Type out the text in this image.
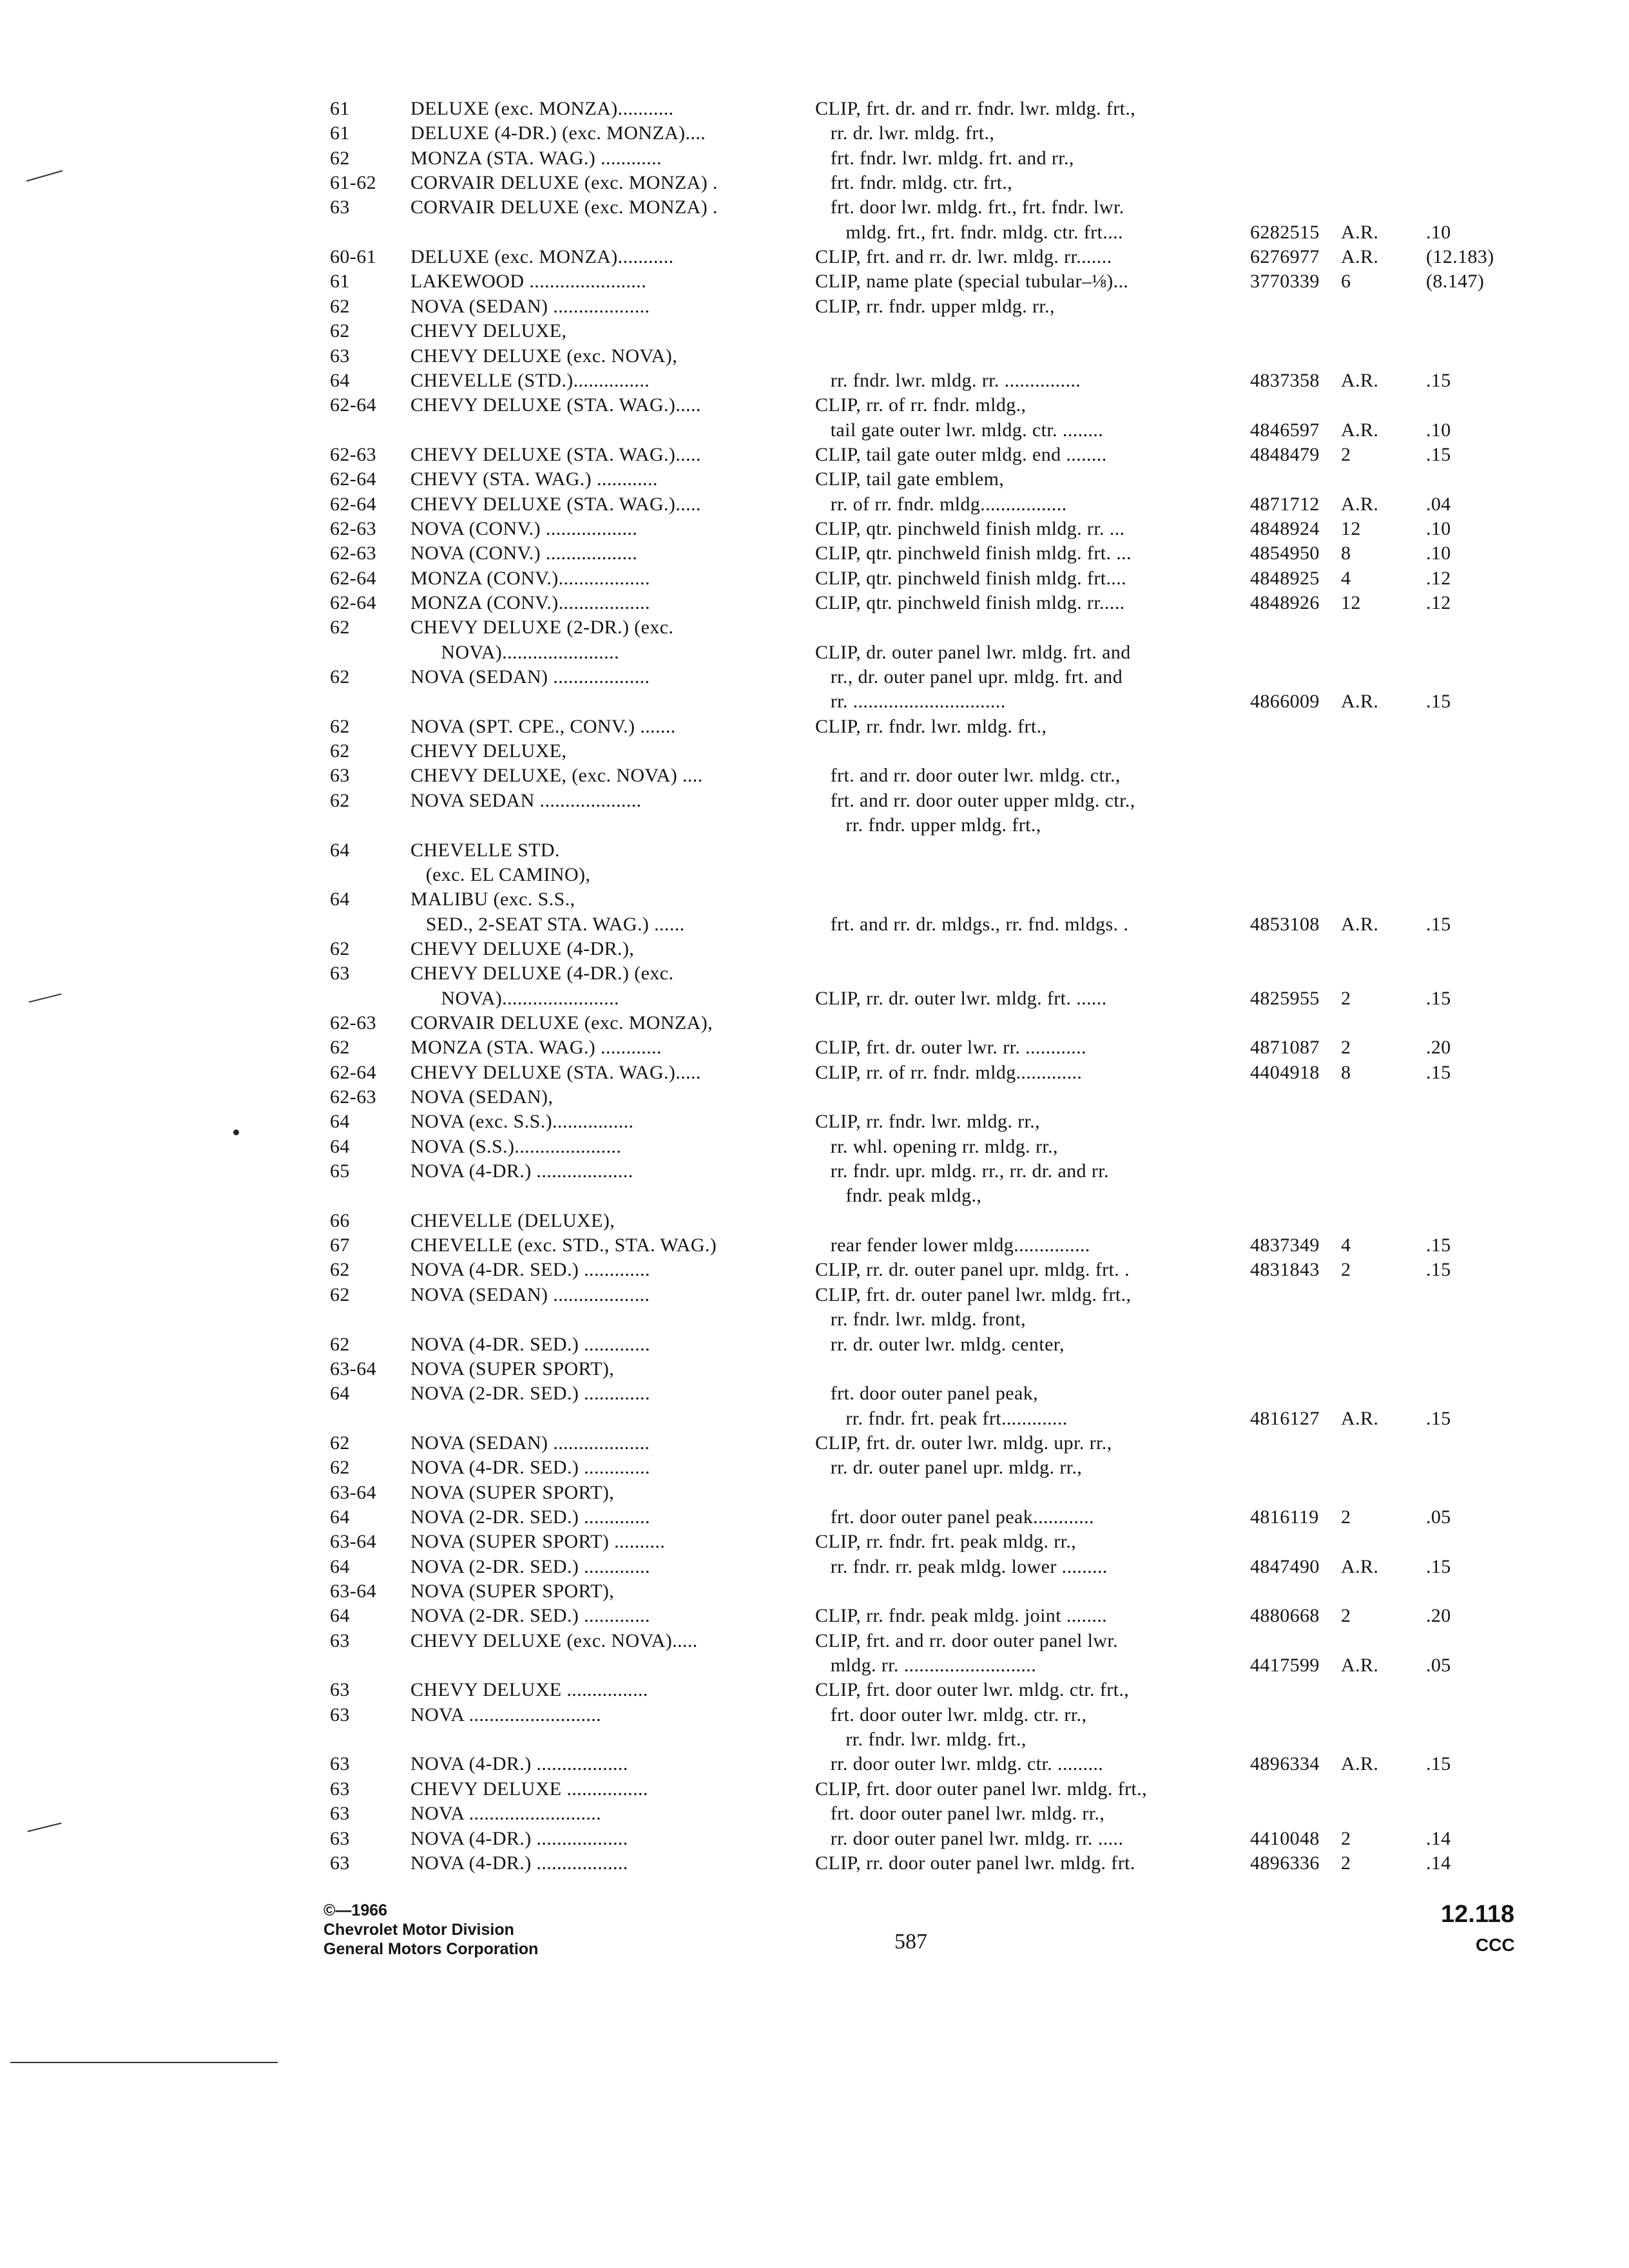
61	DELUXE (exc. MONZA)...........	CLIP, frt. dr. and rr. fndr. lwr. mldg. frt.,
61	DELUXE (4-DR.) (exc. MONZA)....	rr. dr. lwr. mldg. frt.,
62	MONZA (STA. WAG.) ............	frt. fndr. lwr. mldg. frt. and rr.,
61-62 CORVAIR DELUXE (exc. MONZA) .	frt. fndr. mldg. ctr. frt.,
63	CORVAIR DELUXE (exc. MONZA) .	frt. door lwr. mldg. frt., frt. fndr. lwr.
mldg. frt., frt. fndr. mldg. ctr. frt....	6282515 A.R. .10
60-61 DELUXE (exc. MONZA)...........	CLIP, frt. and rr. dr. lwr. mldg. rr.......	6276977 A.R. (12.183)
61	LAKEWOOD .......................	CLIP, name plate (special tubular–⅛)...	3770339 6	(8.147)
62	NOVA (SEDAN) ...................	CLIP, rr. fndr. upper mldg. rr.,
62	CHEVY DELUXE,
63	CHEVY DELUXE (exc. NOVA),
64	CHEVELLE (STD.)...............	rr. fndr. lwr. mldg. rr. ...............	4837358 A.R. .15
62-64 CHEVY DELUXE (STA. WAG.).....	CLIP, rr. of rr. fndr. mldg.,
tail gate outer lwr. mldg. ctr. ........	4846597 A.R. .10
62-63 CHEVY DELUXE (STA. WAG.).....	CLIP, tail gate outer mldg. end ........	4848479 2	.15
62-64 CHEVY (STA. WAG.) ............	CLIP, tail gate emblem,
62-64 CHEVY DELUXE (STA. WAG.).....	rr. of rr. fndr. mldg.................	4871712 A.R. .04
62-63 NOVA (CONV.) ..................	CLIP, qtr. pinchweld finish mldg. rr. ...	4848924 12	.10
62-63 NOVA (CONV.) ..................	CLIP, qtr. pinchweld finish mldg. frt. ...	4854950 8	.10
62-64 MONZA (CONV.)..................	CLIP, qtr. pinchweld finish mldg. frt....	4848925 4	.12
62-64 MONZA (CONV.)..................	CLIP, qtr. pinchweld finish mldg. rr.....	4848926 12	.12
62	CHEVY DELUXE (2-DR.) (exc.
NOVA).......................	CLIP, dr. outer panel lwr. mldg. frt. and
62	NOVA (SEDAN) ...................	rr., dr. outer panel upr. mldg. frt. and
rr. ..............................	4866009 A.R. .15
62	NOVA (SPT. CPE., CONV.) .......	CLIP, rr. fndr. lwr. mldg. frt.,
62	CHEVY DELUXE,
63	CHEVY DELUXE, (exc. NOVA) ....	frt. and rr. door outer lwr. mldg. ctr.,
62	NOVA SEDAN ....................	frt. and rr. door outer upper mldg. ctr.,
rr. fndr. upper mldg. frt.,
64	CHEVELLE STD.
(exc. EL CAMINO),
64	MALIBU (exc. S.S.,
SED., 2-SEAT STA. WAG.) ......	frt. and rr. dr. mldgs., rr. fnd. mldgs. .	4853108 A.R. .15
62	CHEVY DELUXE (4-DR.),
63	CHEVY DELUXE (4-DR.) (exc.
NOVA).......................	CLIP, rr. dr. outer lwr. mldg. frt. ......	4825955 2	.15
62-63 CORVAIR DELUXE (exc. MONZA),
62	MONZA (STA. WAG.) ............	CLIP, frt. dr. outer lwr. rr. ............	4871087 2	.20
62-64 CHEVY DELUXE (STA. WAG.).....	CLIP, rr. of rr. fndr. mldg.............	4404918 8	.15
62-63 NOVA (SEDAN),
64	NOVA (exc. S.S.)................	CLIP, rr. fndr. lwr. mldg. rr.,
64	NOVA (S.S.).....................	rr. whl. opening rr. mldg. rr.,
65	NOVA (4-DR.) ...................	rr. fndr. upr. mldg. rr., rr. dr. and rr.
fndr. peak mldg.,
66	CHEVELLE (DELUXE),
67	CHEVELLE (exc. STD., STA. WAG.)	rear fender lower mldg...............	4837349 4	.15
62	NOVA (4-DR. SED.) .............	CLIP, rr. dr. outer panel upr. mldg. frt. .	4831843 2	.15
62	NOVA (SEDAN) ...................	CLIP, frt. dr. outer panel lwr. mldg. frt.,
rr. fndr. lwr. mldg. front,
62	NOVA (4-DR. SED.) .............	rr. dr. outer lwr. mldg. center,
63-64 NOVA (SUPER SPORT),
64	NOVA (2-DR. SED.) .............	frt. door outer panel peak,
rr. fndr. frt. peak frt.............	4816127 A.R. .15
62	NOVA (SEDAN) ...................	CLIP, frt. dr. outer lwr. mldg. upr. rr.,
62	NOVA (4-DR. SED.) .............	rr. dr. outer panel upr. mldg. rr.,
63-64 NOVA (SUPER SPORT),
64	NOVA (2-DR. SED.) .............	frt. door outer panel peak............	4816119 2	.05
63-64 NOVA (SUPER SPORT) ..........	CLIP, rr. fndr. frt. peak mldg. rr.,
64	NOVA (2-DR. SED.) .............	rr. fndr. rr. peak mldg. lower .........	4847490 A.R. .15
63-64 NOVA (SUPER SPORT),
64	NOVA (2-DR. SED.) .............	CLIP, rr. fndr. peak mldg. joint ........	4880668 2	.20
63	CHEVY DELUXE (exc. NOVA).....	CLIP, frt. and rr. door outer panel lwr.
mldg. rr. ..........................	4417599 A.R. .05
63	CHEVY DELUXE ................	CLIP, frt. door outer lwr. mldg. ctr. frt.,
63	NOVA ..........................	frt. door outer lwr. mldg. ctr. rr.,
rr. fndr. lwr. mldg. frt.,
63	NOVA (4-DR.) ..................	rr. door outer lwr. mldg. ctr. .........	4896334 A.R. .15
63	CHEVY DELUXE ................	CLIP, frt. door outer panel lwr. mldg. frt.,
63	NOVA ..........................	frt. door outer panel lwr. mldg. rr.,
63	NOVA (4-DR.) ..................	rr. door outer panel lwr. mldg. rr. .....	4410048 2	.14
63	NOVA (4-DR.) ..................	CLIP, rr. door outer panel lwr. mldg. frt.	4896336 2	.14
©—1966
Chevrolet Motor Division
General Motors Corporation	587
12.118
CCC
